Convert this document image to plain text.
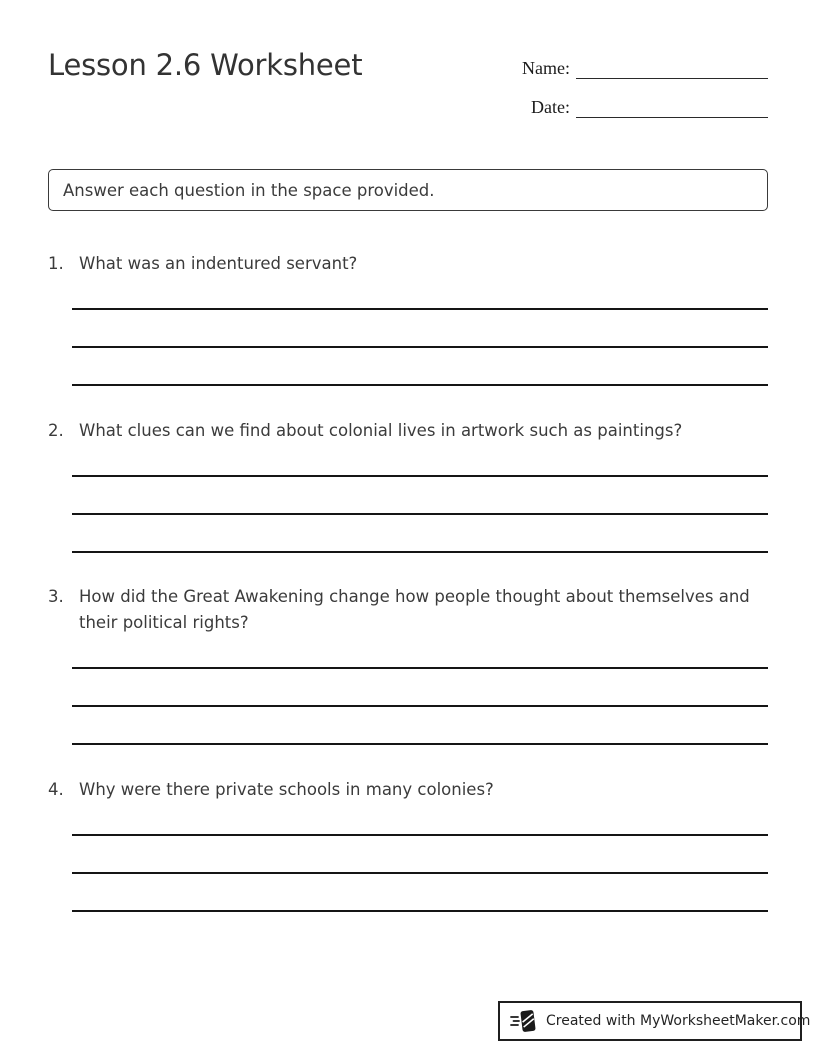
Lesson 2.6 Worksheet	Name:
Date:
Answer each question in the space provided.
1. What was an indentured servant?
2. What clues can we find about colonial lives in artwork such as paintings?
3. How did the Great Awakening change how people thought about themselves and their political rights?
4. Why were there private schools in many colonies?
Created with MyWorksheetMaker.com
